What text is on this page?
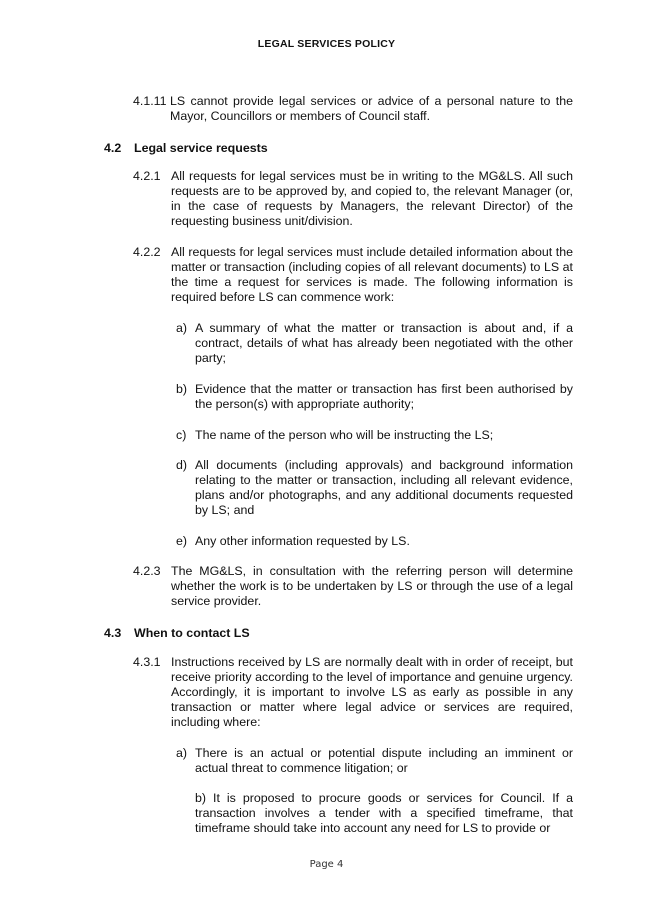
LEGAL SERVICES POLICY
4.1.11 LS cannot provide legal services or advice of a personal nature to the Mayor, Councillors or members of Council staff.
4.2	Legal service requests
4.2.1 All requests for legal services must be in writing to the MG&LS. All such requests are to be approved by, and copied to, the relevant Manager (or, in the case of requests by Managers, the relevant Director) of the requesting business unit/division.
4.2.2 All requests for legal services must include detailed information about the matter or transaction (including copies of all relevant documents) to LS at the time a request for services is made. The following information is required before LS can commence work:
a) A summary of what the matter or transaction is about and, if a contract, details of what has already been negotiated with the other party;
b) Evidence that the matter or transaction has first been authorised by the person(s) with appropriate authority;
c) The name of the person who will be instructing the LS;
d) All documents (including approvals) and background information relating to the matter or transaction, including all relevant evidence, plans and/or photographs, and any additional documents requested by LS; and
e) Any other information requested by LS.
4.2.3 The MG&LS, in consultation with the referring person will determine whether the work is to be undertaken by LS or through the use of a legal service provider.
4.3	When to contact LS
4.3.1 Instructions received by LS are normally dealt with in order of receipt, but receive priority according to the level of importance and genuine urgency. Accordingly, it is important to involve LS as early as possible in any transaction or matter where legal advice or services are required, including where:
a) There is an actual or potential dispute including an imminent or actual threat to commence litigation; or
b) It is proposed to procure goods or services for Council. If a transaction involves a tender with a specified timeframe, that timeframe should take into account any need for LS to provide or
Page 4
